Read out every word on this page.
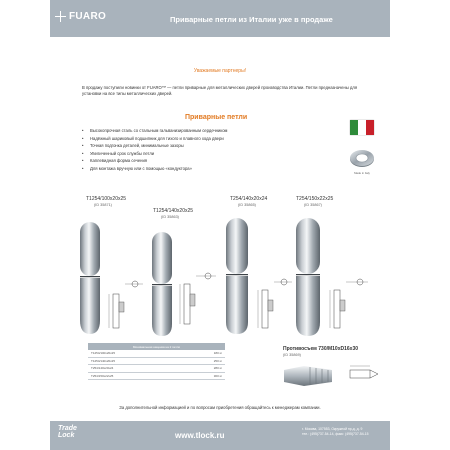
FUARO	Приварные петли из Италии уже в продаже
Уважаемые партнеры!
В продажу поступили новинки от FUARO™ — петли приварные для металлических дверей производства Италии. Петли предназначены для установки на все типы металлических дверей.
Приварные петли
• Высокопрочная сталь со стальным гальванизированным сердечником
• Надёжный шариковый подшипник для тихого и плавного хода двери
• Точная подгонка деталей, минимальные зазоры
• Увеличенный срок службы петли
• Каплевидная форма сечения
• Для монтажа вручную или с помощью «кондуктора»
Made in Italy
T1254/100x20x25
(ID 35871)
T1254/140x20x25
(ID 35863)
T254/140x20x24
(ID 35865)
T254/150x22x25
(ID 35867)
Минимальная наценка на 2 петли	
T1254/100x20x25	180 кг
T1254/140x20x25	250 кг
T254/140x20x24	280 кг
T254/150x22x25	300 кг
Противосъем 730/М10хD16х30
(ID 35869)
За дополнительной информацией и по вопросам приобретения обращайтесь к менеджерам компании.
Trade
Lock	www.tlock.ru
г. Москва, 107553, Окружной пр-д, д. 9
тел.: (495)737-54-14, факс: (495)737-54-15
